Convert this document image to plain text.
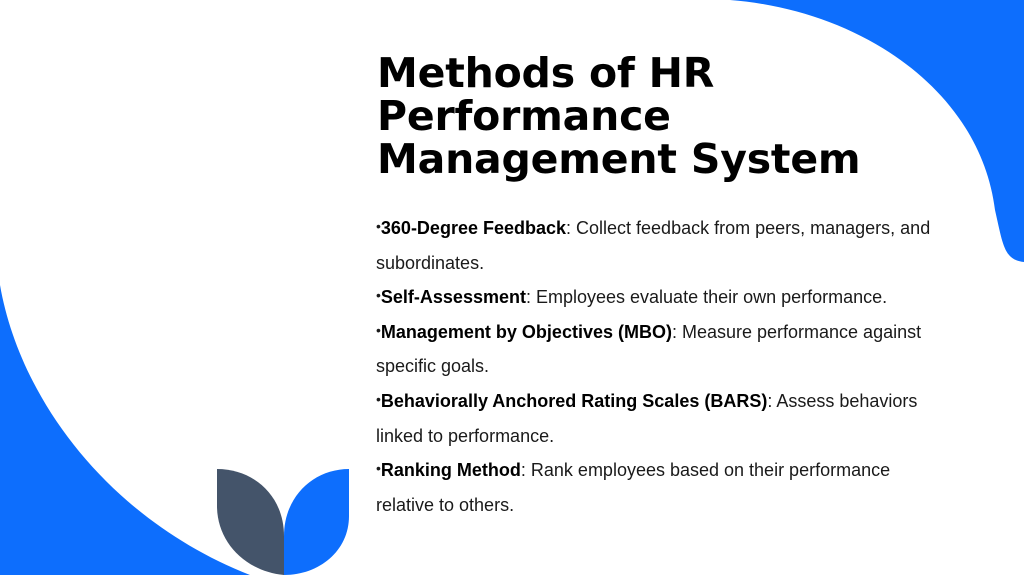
Methods of HR
Performance
Management System
•360-Degree Feedback: Collect feedback from peers, managers, and subordinates.
•Self-Assessment: Employees evaluate their own performance.
•Management by Objectives (MBO): Measure performance against specific goals.
•Behaviorally Anchored Rating Scales (BARS): Assess behaviors linked to performance.
•Ranking Method: Rank employees based on their performance relative to others.
